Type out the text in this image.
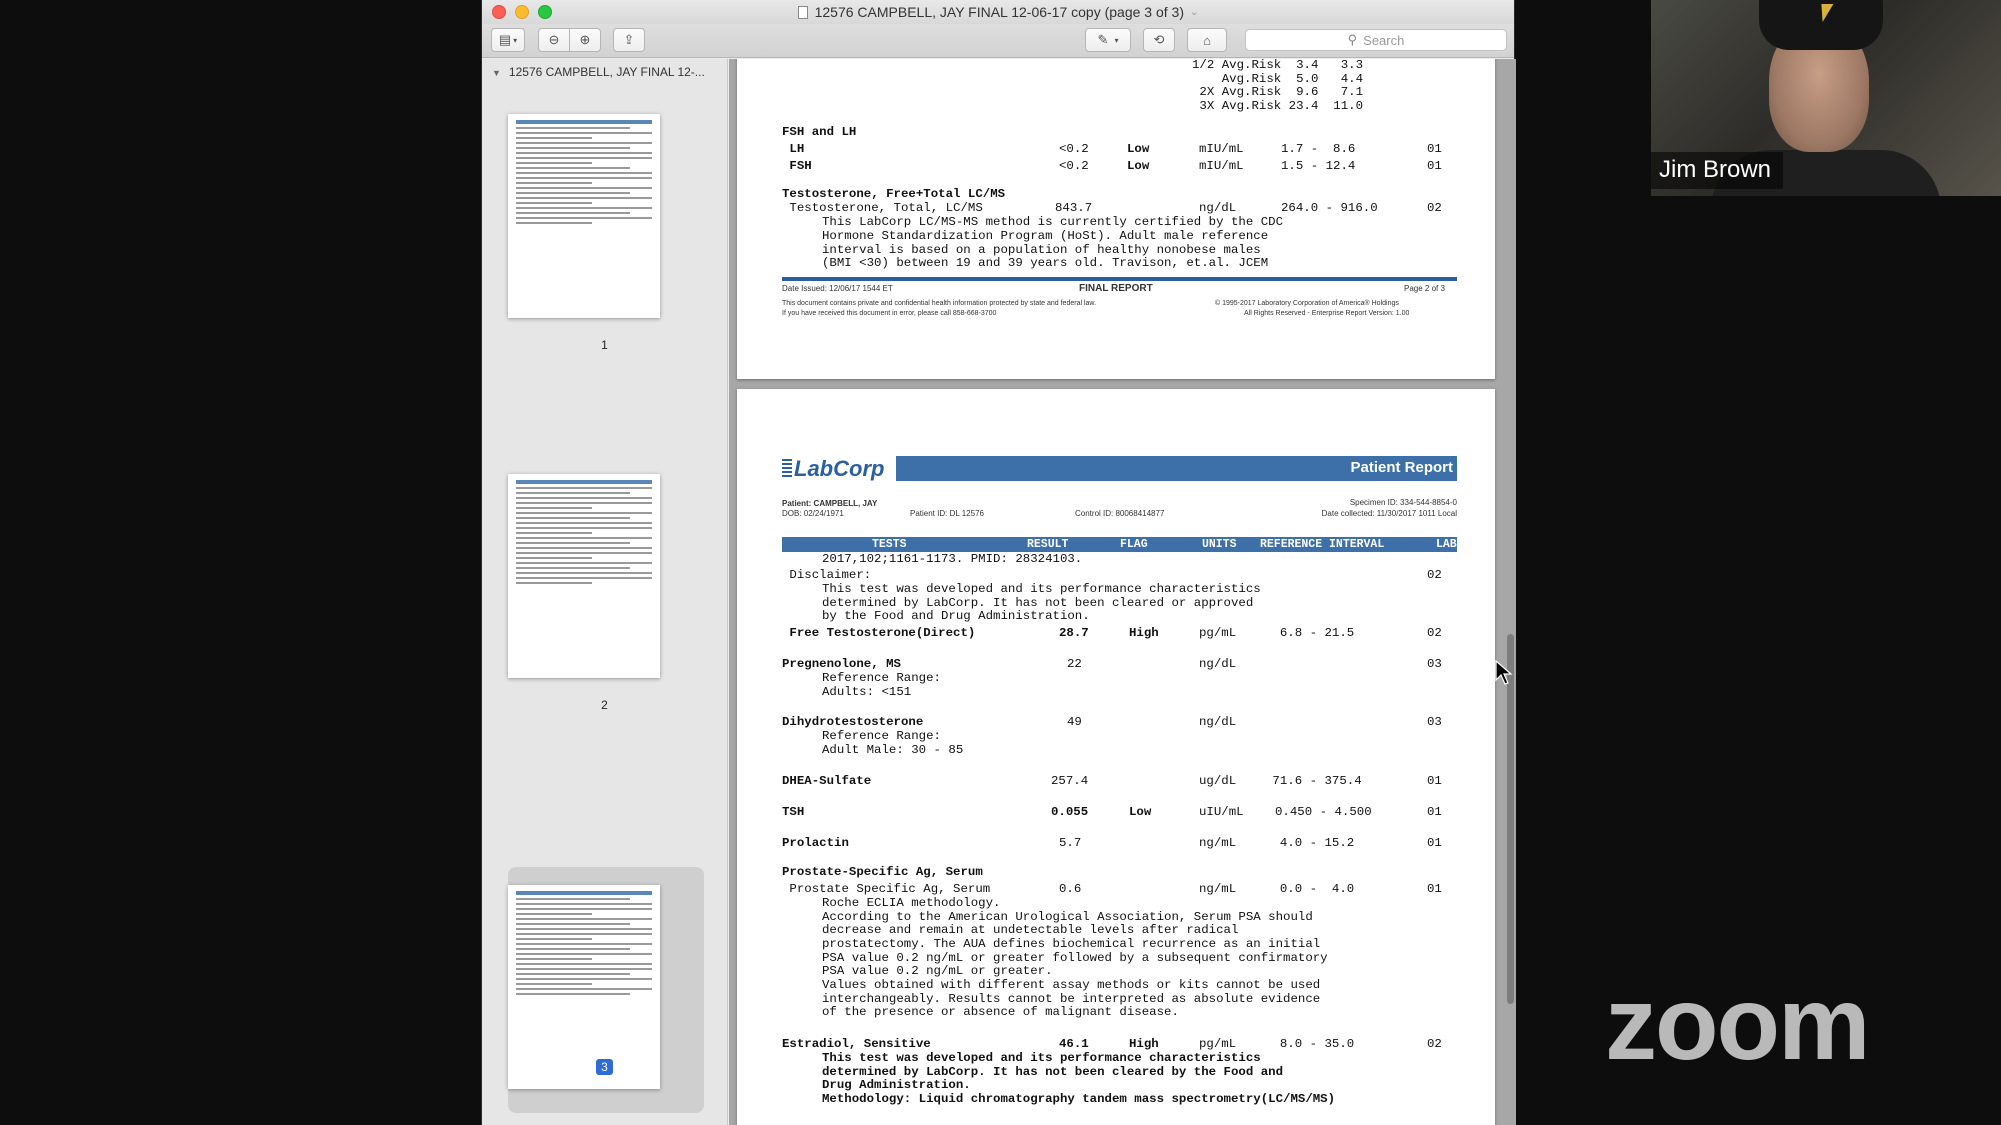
12576 CAMPBELL, JAY FINAL 12-06-17 copy (page 3 of 3) ⌄
▤ ▾ ⊖ ⊕	⇪	✎ ▾	⟲	⌂	⚲ Search
▼ 12576 CAMPBELL, JAY FINAL 12-...
1
2
3
1/2 Avg.Risk  3.4   3.3
Avg.Risk  5.0   4.4
2X Avg.Risk  9.6   7.1
3X Avg.Risk 23.4  11.0
FSH and LH
LH	<0.2	Low	mIU/mL	1.7 -  8.6	01
FSH	<0.2	Low	mIU/mL	1.5 - 12.4	01
Testosterone, Free+Total LC/MS
Testosterone, Total, LC/MS	843.7	ng/dL	264.0 - 916.0	02
This LabCorp LC/MS-MS method is currently certified by the CDC
Hormone Standardization Program (HoSt). Adult male reference
interval is based on a population of healthy nonobese males
(BMI <30) between 19 and 39 years old. Travison, et.al. JCEM
Date Issued: 12/06/17 1544 ET	FINAL REPORT	Page 2 of 3
This document contains private and confidential health information protected by state and federal law.
If you have received this document in error, please call 858-668-3700
© 1995-2017 Laboratory Corporation of America® Holdings
All Rights Reserved - Enterprise Report Version: 1.00
LabCorp	Patient Report
Patient: CAMPBELL, JAY
DOB: 02/24/1971	Patient ID: DL 12576	Control ID: 80068414877
Specimen ID: 334-544-8854-0
Date collected: 11/30/2017 1011 Local
TESTS	RESULT	FLAG	UNITS REFERENCE INTERVAL	LAB
2017,102;1161-1173. PMID: 28324103.
Disclaimer:	02
This test was developed and its performance characteristics
determined by LabCorp. It has not been cleared or approved
by the Food and Drug Administration.
Free Testosterone(Direct)	28.7	High	pg/mL 6.8 - 21.5	02
Pregnenolone, MS	22	ng/dL	03
Reference Range:
Adults: <151
Dihydrotestosterone	49	ng/dL	03
Reference Range:
Adult Male: 30 - 85
DHEA-Sulfate	257.4	ug/dL 71.6 - 375.4	01
TSH	0.055	Low	uIU/mL	0.450 - 4.500	01
Prolactin	5.7	ng/mL 4.0 - 15.2	01
Prostate-Specific Ag, Serum
Prostate Specific Ag, Serum	0.6	ng/mL 0.0 -  4.0	01
Roche ECLIA methodology.
According to the American Urological Association, Serum PSA should
decrease and remain at undetectable levels after radical
prostatectomy. The AUA defines biochemical recurrence as an initial
PSA value 0.2 ng/mL or greater followed by a subsequent confirmatory
PSA value 0.2 ng/mL or greater.
Values obtained with different assay methods or kits cannot be used
interchangeably. Results cannot be interpreted as absolute evidence
of the presence or absence of malignant disease.
Estradiol, Sensitive	46.1	High	pg/mL 8.0 - 35.0	02
This test was developed and its performance characteristics
determined by LabCorp. It has not been cleared by the Food and
Drug Administration.
Methodology: Liquid chromatography tandem mass spectrometry(LC/MS/MS)
Jim Brown
zoom
